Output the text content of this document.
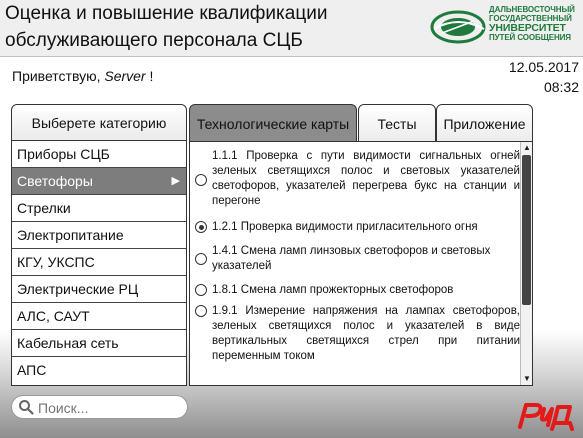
Оценка и повышение квалификации
обслуживающего персонала СЦБ
ДАЛЬНЕВОСТОЧНЫЙ
ГОСУДАРСТВЕННЫЙ
УНИВЕРСИТЕТ
ПУТЕЙ СООБЩЕНИЯ
Приветствую, Server !
12.05.2017
08:32
Выберете категорию
Приборы СЦБ
Светофоры	▶
Стрелки
Электропитание
КГУ, УКСПС
Электрические РЦ
АЛС, САУТ
Кабельная сеть
АПС
Технологические карты	Тесты	Приложение
1.1.1 Проверка с пути видимости сигнальных огней зеленых светящихся полос и световых указателей светофоров, указателей перегрева букс на станции и перегоне
1.2.1 Проверка видимости пригласительного огня
1.4.1 Смена ламп линзовых светофоров и световых указателей
1.8.1 Смена ламп прожекторных светофоров
1.9.1 Измерение напряжения на лампах светофоров, зеленых светящихся полос и указателей в виде вертикальных светящихся стрел при питании переменным током
▲
▼
Поиск...
